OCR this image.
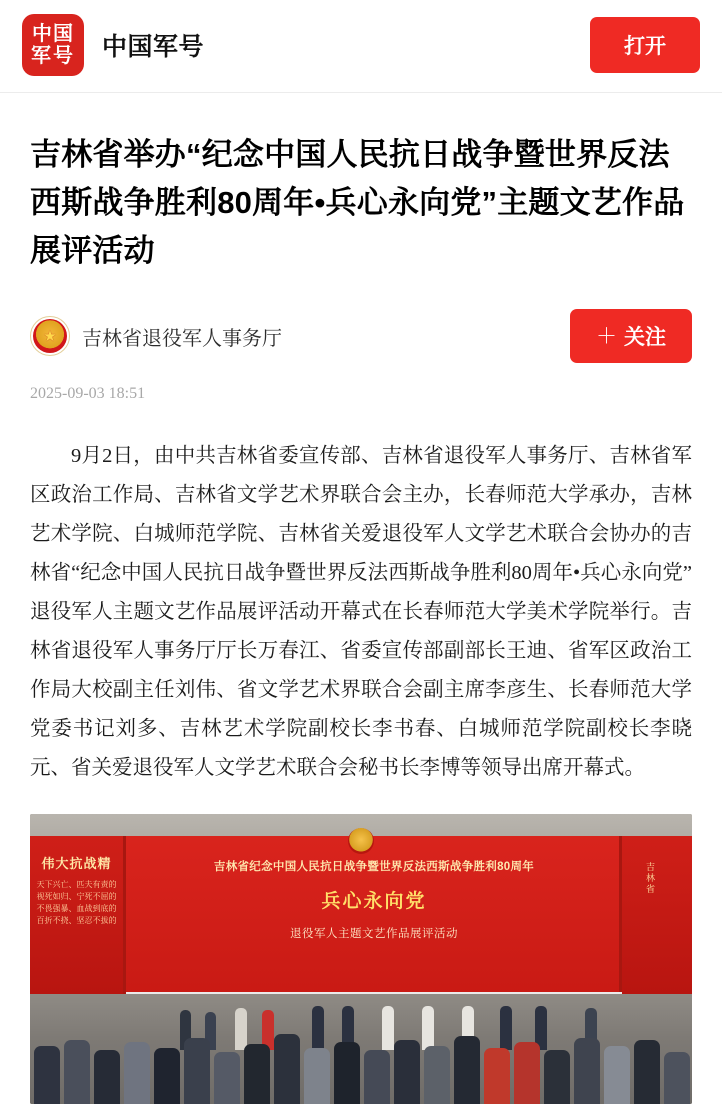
中国
军号 中国军号	打开
吉林省举办“纪念中国人民抗日战争暨世界反法西斯战争胜利80周年•兵心永向党”主题文艺作品展评活动
★ 吉林省退役军人事务厅	＋ 关注
2025-09-03 18:51

9月2日，由中共吉林省委宣传部、吉林省退役军人事务厅、吉林省军区政治工作局、吉林省文学艺术界联合会主办，长春师范大学承办，吉林艺术学院、白城师范学院、吉林省关爱退役军人文学艺术联合会协办的吉林省“纪念中国人民抗日战争暨世界反法西斯战争胜利80周年•兵心永向党”退役军人主题文艺作品展评活动开幕式在长春师范大学美术学院举行。吉林省退役军人事务厅厅长万春江、省委宣传部副部长王迪、省军区政治工作局大校副主任刘伟、省文学艺术界联合会副主席李彦生、长春师范大学党委书记刘多、吉林艺术学院副校长李书春、白城师范学院副校长李晓元、省关爱退役军人文学艺术联合会秘书长李博等领导出席开幕式。

伟大抗战精
天下兴亡、匹夫有责的 视死如归、宁死不屈的 不畏强暴、血战到底的 百折不挠、坚忍不拔的
吉林省
吉林省纪念中国人民抗日战争暨世界反法西斯战争胜利80周年
兵心永向党
退役军人主题文艺作品展评活动
